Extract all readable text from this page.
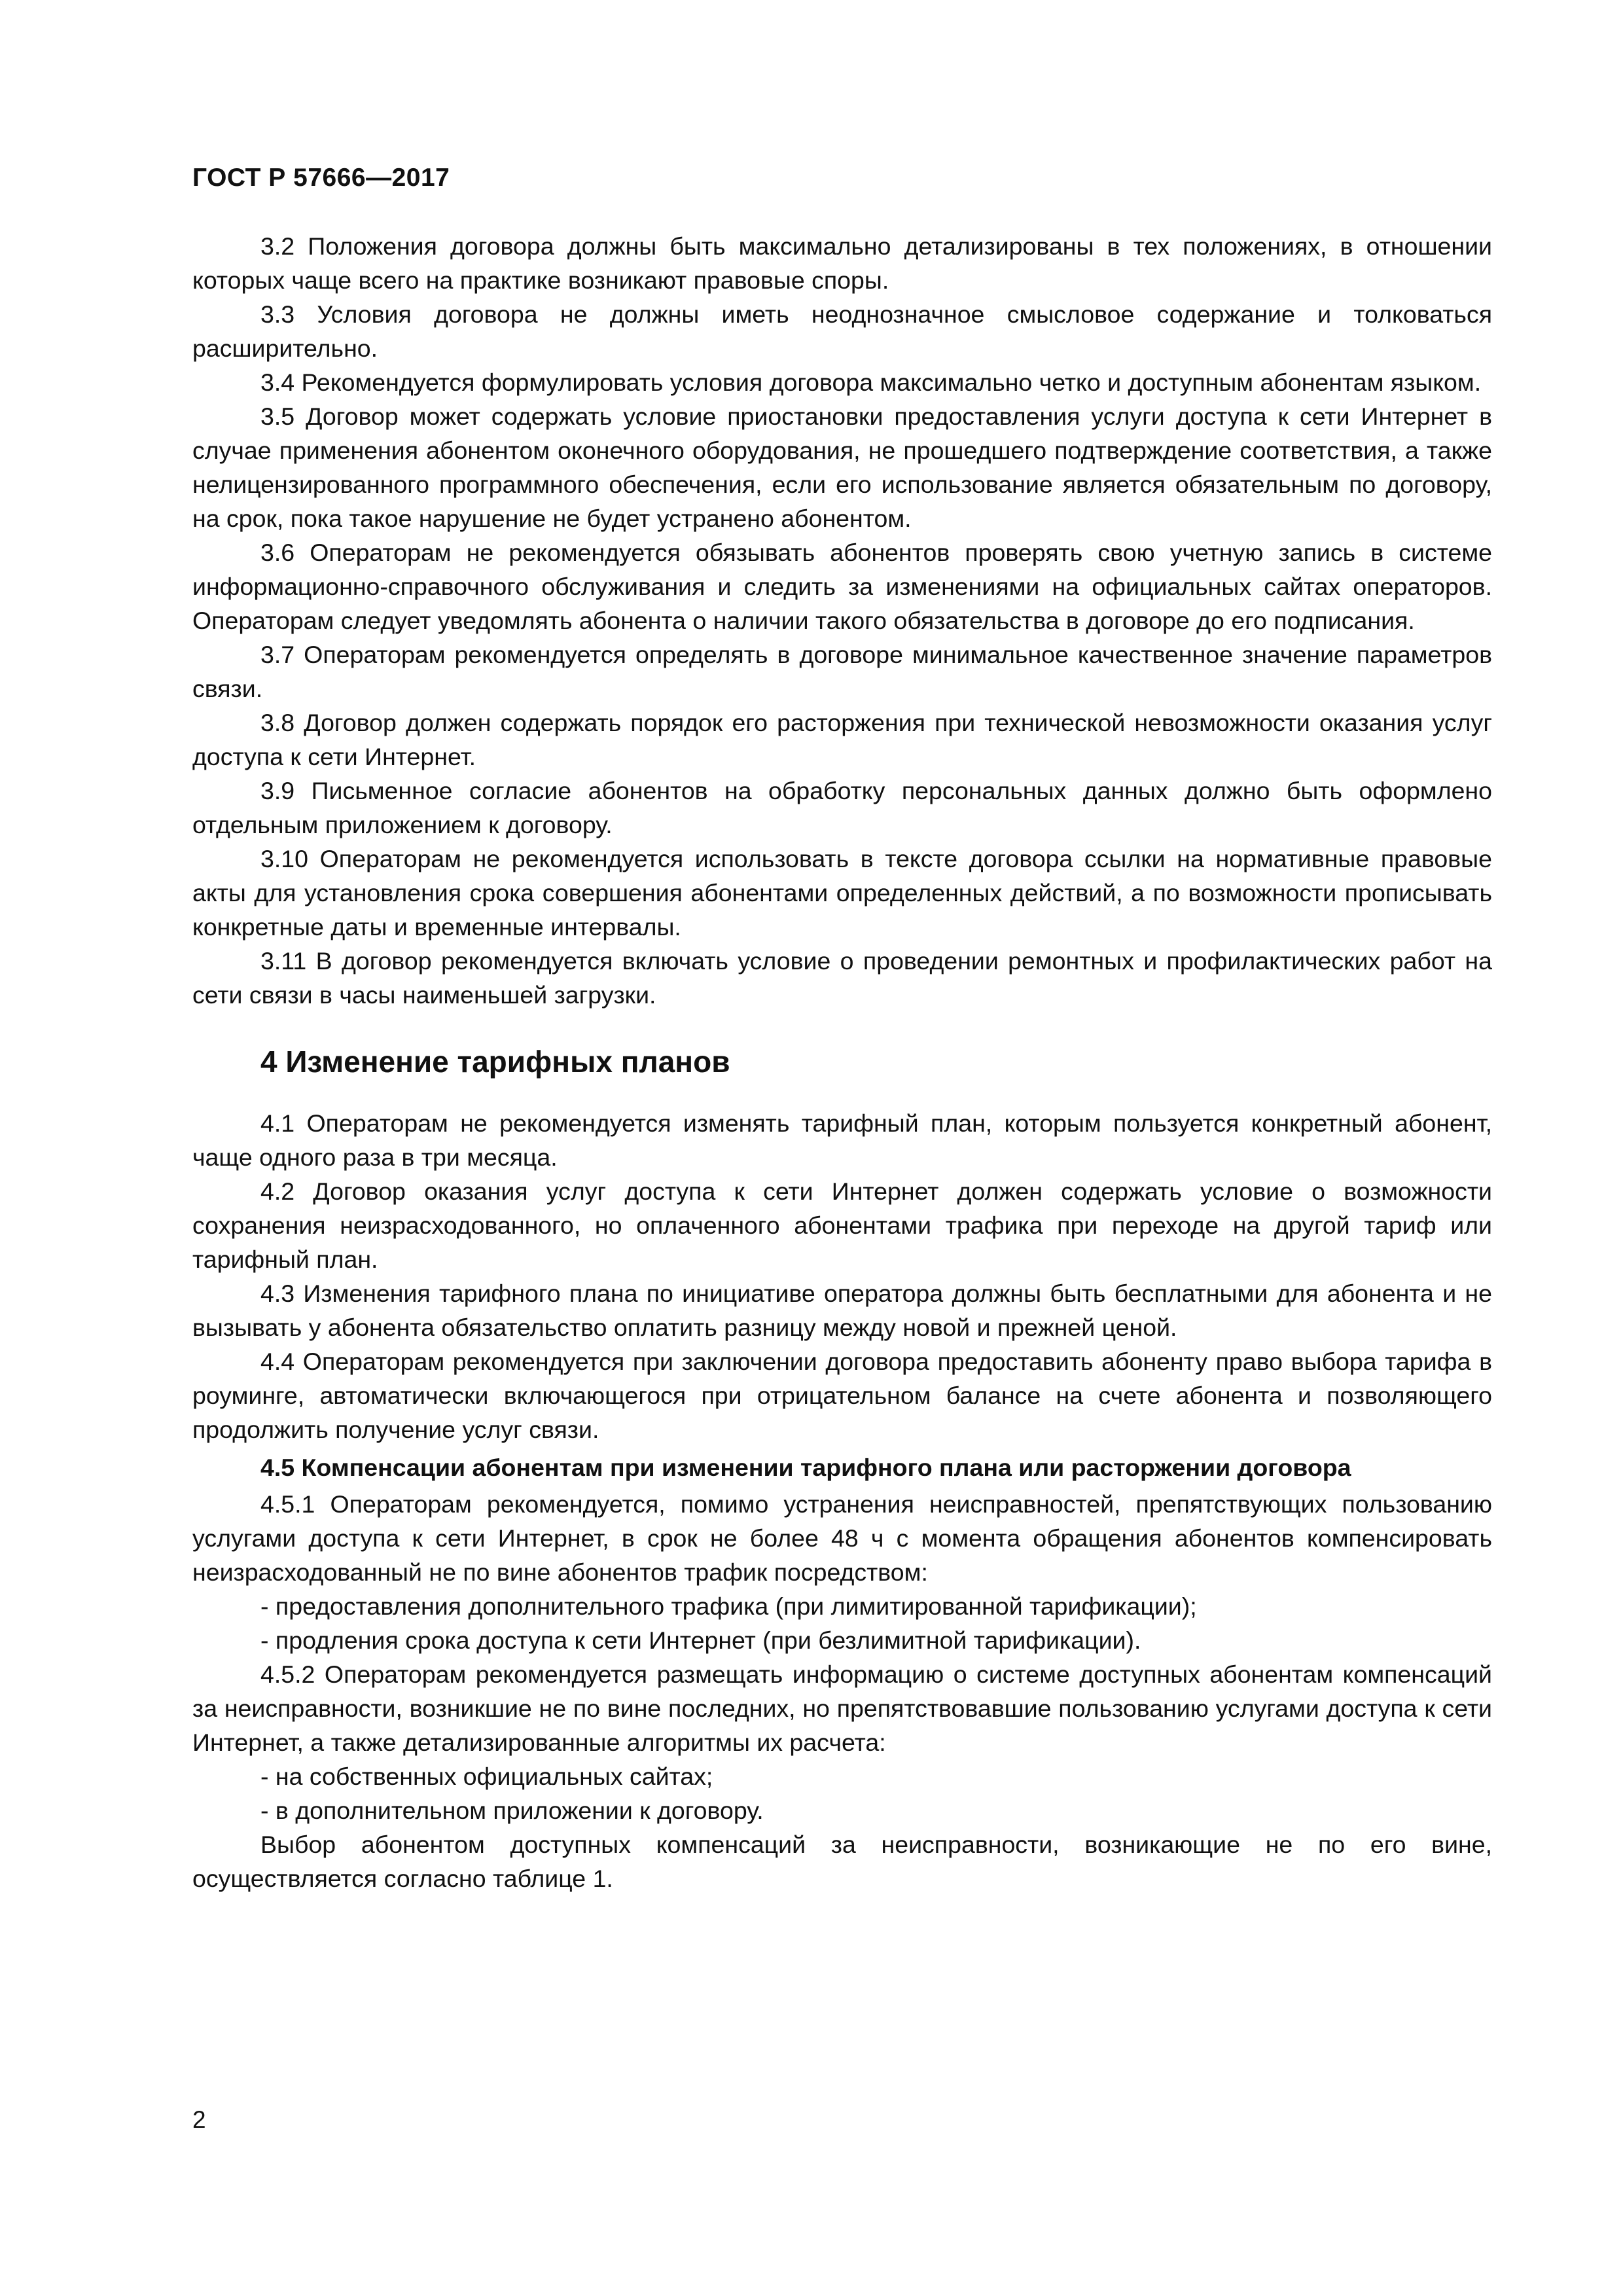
ГОСТ Р 57666—2017

3.2 Положения договора должны быть максимально детализированы в тех положениях, в отношении которых чаще всего на практике возникают правовые споры.

3.3 Условия договора не должны иметь неоднозначное смысловое содержание и толковаться расширительно.

3.4 Рекомендуется формулировать условия договора максимально четко и доступным абонентам языком.

3.5 Договор может содержать условие приостановки предоставления услуги доступа к сети Интернет в случае применения абонентом оконечного оборудования, не прошедшего подтверждение соответствия, а также нелицензированного программного обеспечения, если его использование является обязательным по договору, на срок, пока такое нарушение не будет устранено абонентом.

3.6 Операторам не рекомендуется обязывать абонентов проверять свою учетную запись в системе информационно-справочного обслуживания и следить за изменениями на официальных сайтах операторов. Операторам следует уведомлять абонента о наличии такого обязательства в договоре до его подписания.

3.7 Операторам рекомендуется определять в договоре минимальное качественное значение параметров связи.

3.8 Договор должен содержать порядок его расторжения при технической невозможности оказания услуг доступа к сети Интернет.

3.9 Письменное согласие абонентов на обработку персональных данных должно быть оформлено отдельным приложением к договору.

3.10 Операторам не рекомендуется использовать в тексте договора ссылки на нормативные правовые акты для установления срока совершения абонентами определенных действий, а по возможности прописывать конкретные даты и временные интервалы.

3.11 В договор рекомендуется включать условие о проведении ремонтных и профилактических работ на сети связи в часы наименьшей загрузки.

4 Изменение тарифных планов

4.1 Операторам не рекомендуется изменять тарифный план, которым пользуется конкретный абонент, чаще одного раза в три месяца.

4.2 Договор оказания услуг доступа к сети Интернет должен содержать условие о возможности сохранения неизрасходованного, но оплаченного абонентами трафика при переходе на другой тариф или тарифный план.

4.3 Изменения тарифного плана по инициативе оператора должны быть бесплатными для абонента и не вызывать у абонента обязательство оплатить разницу между новой и прежней ценой.

4.4 Операторам рекомендуется при заключении договора предоставить абоненту право выбора тарифа в роуминге, автоматически включающегося при отрицательном балансе на счете абонента и позволяющего продолжить получение услуг связи.

4.5 Компенсации абонентам при изменении тарифного плана или расторжении договора

4.5.1 Операторам рекомендуется, помимо устранения неисправностей, препятствующих пользованию услугами доступа к сети Интернет, в срок не более 48 ч с момента обращения абонентов компенсировать неизрасходованный не по вине абонентов трафик посредством:

- предоставления дополнительного трафика (при лимитированной тарификации);

- продления срока доступа к сети Интернет (при безлимитной тарификации).

4.5.2 Операторам рекомендуется размещать информацию о системе доступных абонентам компенсаций за неисправности, возникшие не по вине последних, но препятствовавшие пользованию услугами доступа к сети Интернет, а также детализированные алгоритмы их расчета:

- на собственных официальных сайтах;

- в дополнительном приложении к договору.

Выбор абонентом доступных компенсаций за неисправности, возникающие не по его вине, осуществляется согласно таблице 1.

2
